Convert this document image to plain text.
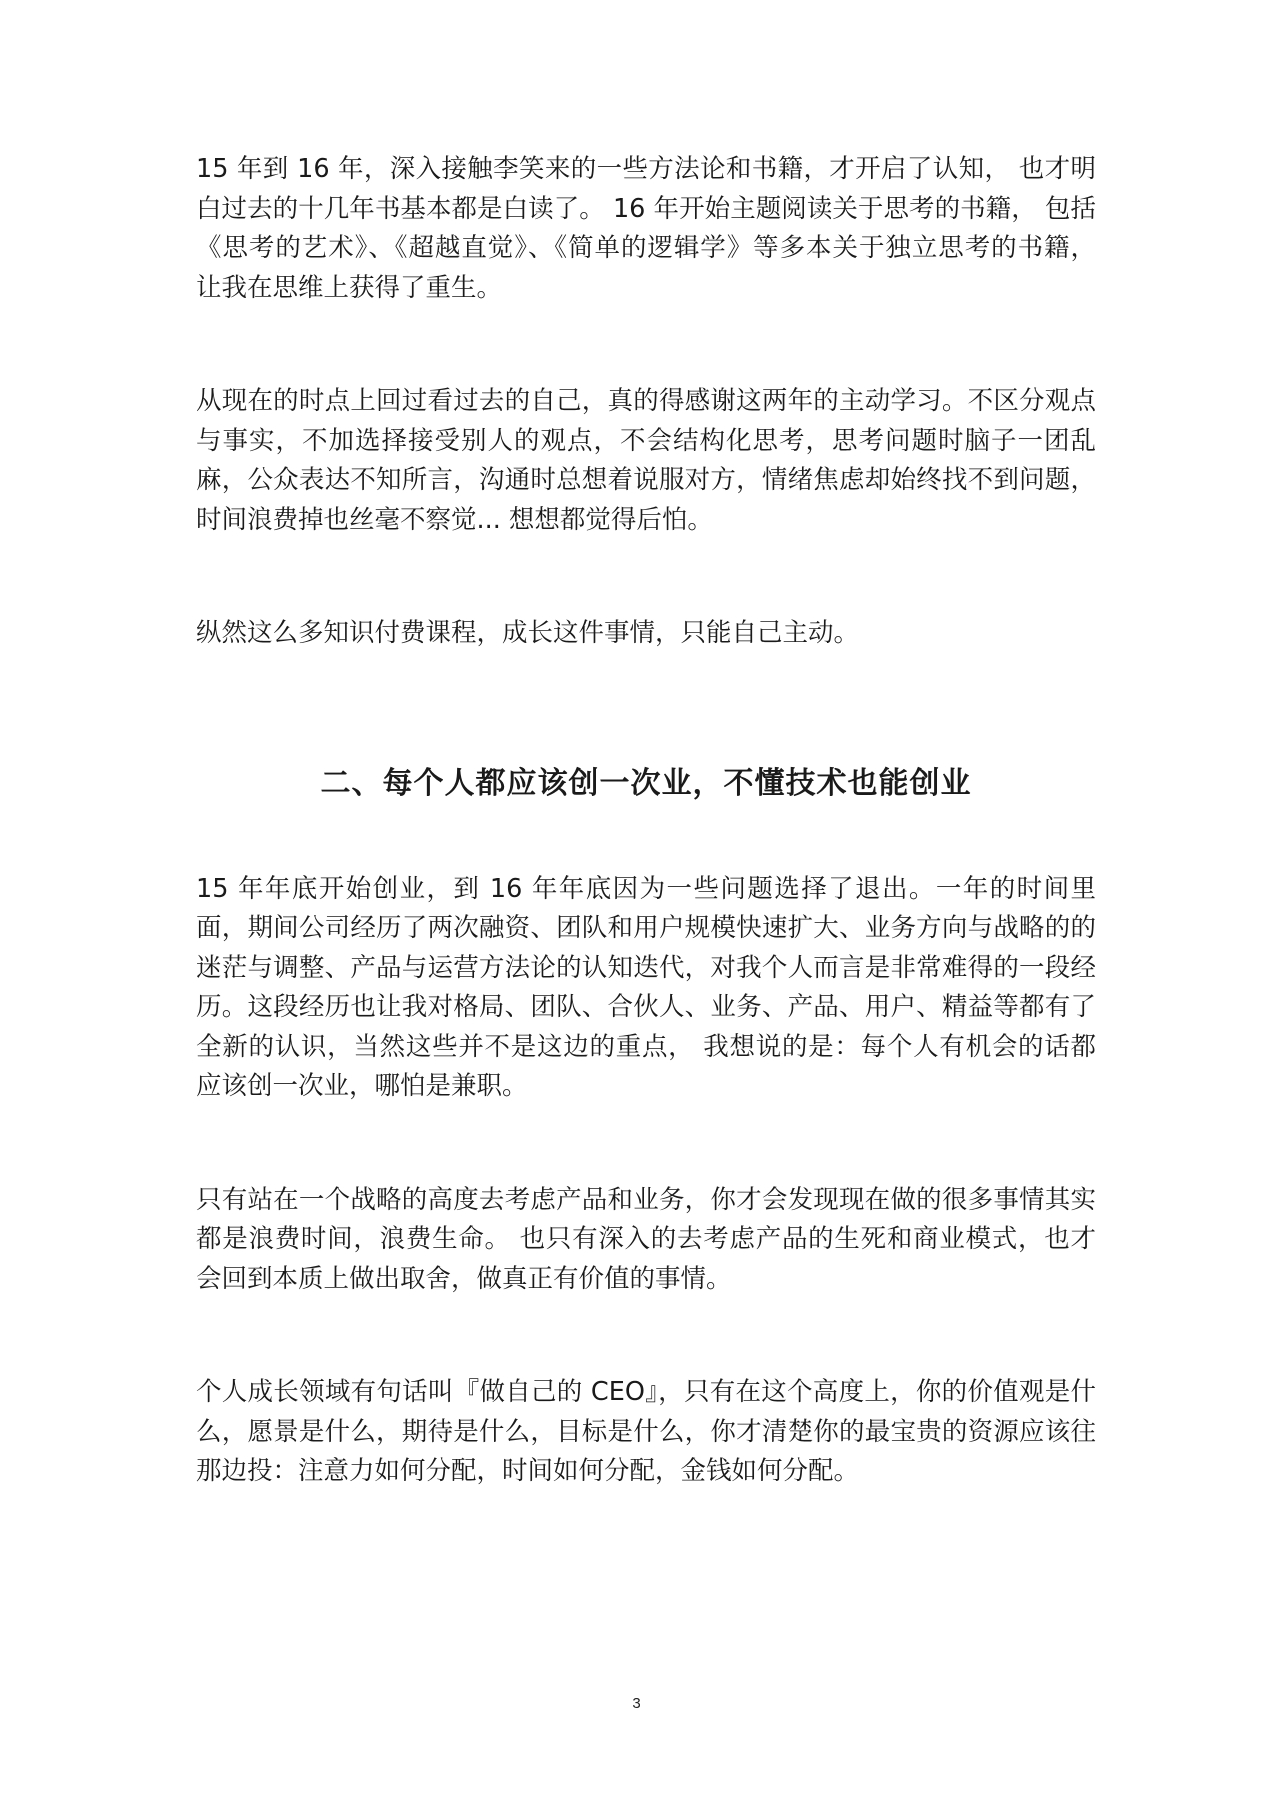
15 年到 16 年，深入接触李笑来的一些方法论和书籍，才开启了认知， 也才明白过去的十几年书基本都是白读了。 16 年开始主题阅读关于思考的书籍， 包括《思考的艺术》、《超越直觉》、《简单的逻辑学》等多本关于独立思考的书籍， 让我在思维上获得了重生。

从现在的时点上回过看过去的自己，真的得感谢这两年的主动学习。不区分观点与事实，不加选择接受别人的观点，不会结构化思考，思考问题时脑子一团乱麻，公众表达不知所言，沟通时总想着说服对方，情绪焦虑却始终找不到问题，时间浪费掉也丝毫不察觉... 想想都觉得后怕。

纵然这么多知识付费课程，成长这件事情，只能自己主动。

二、每个人都应该创一次业，不懂技术也能创业

15 年年底开始创业，到 16 年年底因为一些问题选择了退出。一年的时间里面，期间公司经历了两次融资、团队和用户规模快速扩大、业务方向与战略的的迷茫与调整、产品与运营方法论的认知迭代，对我个人而言是非常难得的一段经历。这段经历也让我对格局、团队、合伙人、业务、产品、用户、精益等都有了全新的认识，当然这些并不是这边的重点， 我想说的是：每个人有机会的话都应该创一次业，哪怕是兼职。

只有站在一个战略的高度去考虑产品和业务，你才会发现现在做的很多事情其实都是浪费时间，浪费生命。 也只有深入的去考虑产品的生死和商业模式，也才会回到本质上做出取舍，做真正有价值的事情。

个人成长领域有句话叫『做自己的 CEO』，只有在这个高度上，你的价值观是什么，愿景是什么，期待是什么，目标是什么，你才清楚你的最宝贵的资源应该往那边投：注意力如何分配，时间如何分配，金钱如何分配。

3
